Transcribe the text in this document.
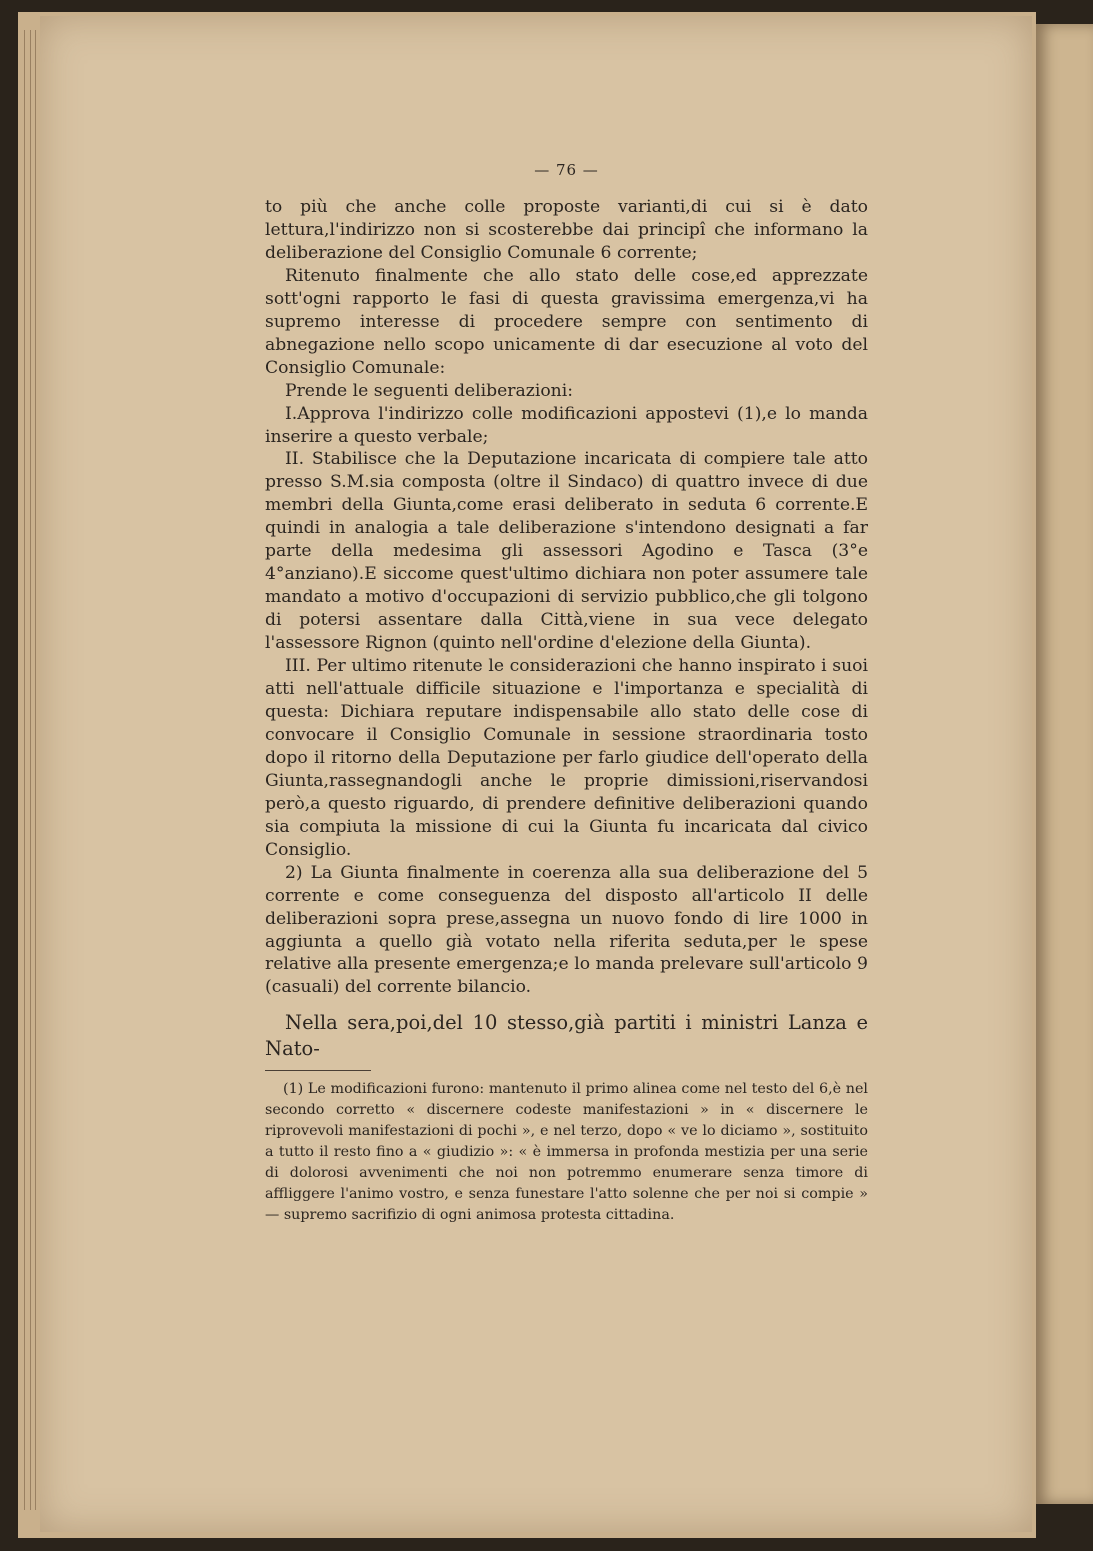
— 76 —

to più che anche colle proposte varianti,di cui si è dato lettura,l'indirizzo non si scosterebbe dai principî che informano la deliberazione del Consiglio Comunale 6 corrente;

Ritenuto finalmente che allo stato delle cose,ed apprezzate sott'ogni rapporto le fasi di questa gravissima emergenza,vi ha supremo interesse di procedere sempre con sentimento di abnegazione nello scopo unicamente di dar esecuzione al voto del Consiglio Comunale:

Prende le seguenti deliberazioni:

I.Approva l'indirizzo colle modificazioni appostevi (1),e lo manda inserire a questo verbale;

II. Stabilisce che la Deputazione incaricata di compiere tale atto presso S.M.sia composta (oltre il Sindaco) di quattro invece di due membri della Giunta,come erasi deliberato in seduta 6 corrente.E quindi in analogia a tale deliberazione s'intendono designati a far parte della medesima gli assessori Agodino e Tasca (3°e 4°anziano).E siccome quest'ultimo dichiara non poter assumere tale mandato a motivo d'occupazioni di servizio pubblico,che gli tolgono di potersi assentare dalla Città,viene in sua vece delegato l'assessore Rignon (quinto nell'ordine d'elezione della Giunta).

III. Per ultimo ritenute le considerazioni che hanno inspirato i suoi atti nell'attuale difficile situazione e l'importanza e specialità di questa: Dichiara reputare indispensabile allo stato delle cose di convocare il Consiglio Comunale in sessione straordinaria tosto dopo il ritorno della Deputazione per farlo giudice dell'operato della Giunta,rassegnandogli anche le proprie dimissioni,riservandosi però,a questo riguardo, di prendere definitive deliberazioni quando sia compiuta la missione di cui la Giunta fu incaricata dal civico Consiglio.

2) La Giunta finalmente in coerenza alla sua deliberazione del 5 corrente e come conseguenza del disposto all'articolo II delle deliberazioni sopra prese,assegna un nuovo fondo di lire 1000 in aggiunta a quello già votato nella riferita seduta,per le spese relative alla presente emergenza;e lo manda prelevare sull'articolo 9 (casuali) del corrente bilancio.

Nella sera,poi,del 10 stesso,già partiti i ministri Lanza e Nato-

(1) Le modificazioni furono: mantenuto il primo alinea come nel testo del 6,è nel secondo corretto « discernere codeste manifestazioni » in « discernere le riprovevoli manifestazioni di pochi », e nel terzo, dopo « ve lo diciamo », sostituito a tutto il resto fino a « giudizio »: « è immersa in profonda mestizia per una serie di dolorosi avvenimenti che noi non potremmo enumerare senza timore di affliggere l'animo vostro, e senza funestare l'atto solenne che per noi si compie » — supremo sacrifizio di ogni animosa protesta cittadina.
